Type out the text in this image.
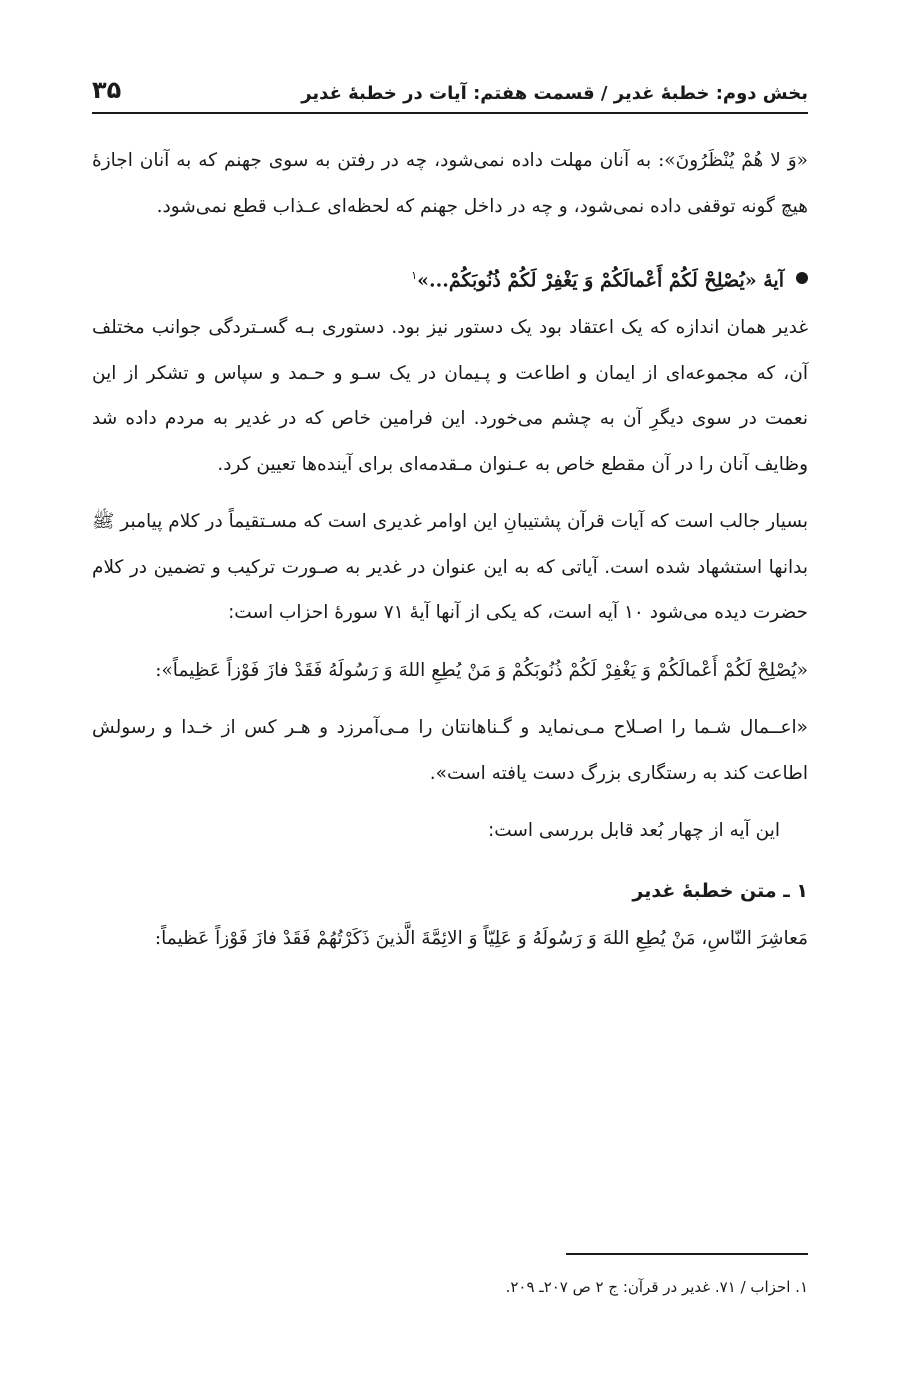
بخش دوم: خطبهٔ غدیر / قسمت هفتم: آیات در خطبهٔ غدیر
۳۵

«وَ لا هُمْ يُنْظَرُونَ»: به آنان مهلت داده نمی‌شود، چه در رفتن به سوی جهنم که به آنان اجازهٔ هیچ گونه توقفی داده نمی‌شود، و چه در داخل جهنم که لحظه‌ای عـذاب قطع نمی‌شود.

آیهٔ «يُصْلِحْ لَكُمْ أَعْمالَكُمْ وَ يَغْفِرْ لَكُمْ ذُنُوبَكُمْ...»$^١$

غدیر همان اندازه که یک اعتقاد بود یک دستور نیز بود. دستوری بـه گسـتردگی جوانب مختلف آن، که مجموعه‌ای از ایمان و اطاعت و پـیمان در یک سـو و حـمد و سپاس و تشکر از این نعمت در سوی دیگرِ آن به چشم می‌خورد. این فرامین خاص که در غدیر به مردم داده شد وظایف آنان را در آن مقطع خاص به عـنوان مـقدمه‌ای برای آینده‌ها تعیین کرد.

بسیار جالب است که آیات قرآن پشتیبانِ این اوامر غدیری است که مسـتقیماً در کلام پیامبر ﷺ بدانها استشهاد شده است. آیاتی که به این عنوان در غدیر به صـورت ترکیب و تضمین در کلام حضرت دیده می‌شود ۱۰ آیه است، که یکی از آنها آیهٔ ۷۱ سورهٔ احزاب است:

«يُصْلِحْ لَكُمْ أَعْمالَكُمْ وَ يَغْفِرْ لَكُمْ ذُنُوبَكُمْ وَ مَنْ يُطِعِ اللهَ وَ رَسُولَهُ فَقَدْ فازَ فَوْزاً عَظِيماً»:

«اعــمال شـما را اصـلاح مـی‌نماید و گـناهانتان را مـی‌آمرزد و هـر کس از خـدا و رسولش اطاعت کند به رستگاری بزرگ دست یافته است».

این آیه از چهار بُعد قابل بررسی است:

۱ ـ متن خطبهٔ غدیر

مَعاشِرَ النّاسِ، مَنْ يُطِعِ اللهَ وَ رَسُولَهُ وَ عَلِيّاً وَ الائِمَّةَ الَّذينَ ذَكَرْتُهُمْ فَقَدْ فازَ فَوْزاً عَظيماً:

۱. احزاب / ۷۱. غدیر در قرآن: ج ۲ ص ۲۰۷ـ ۲۰۹.
